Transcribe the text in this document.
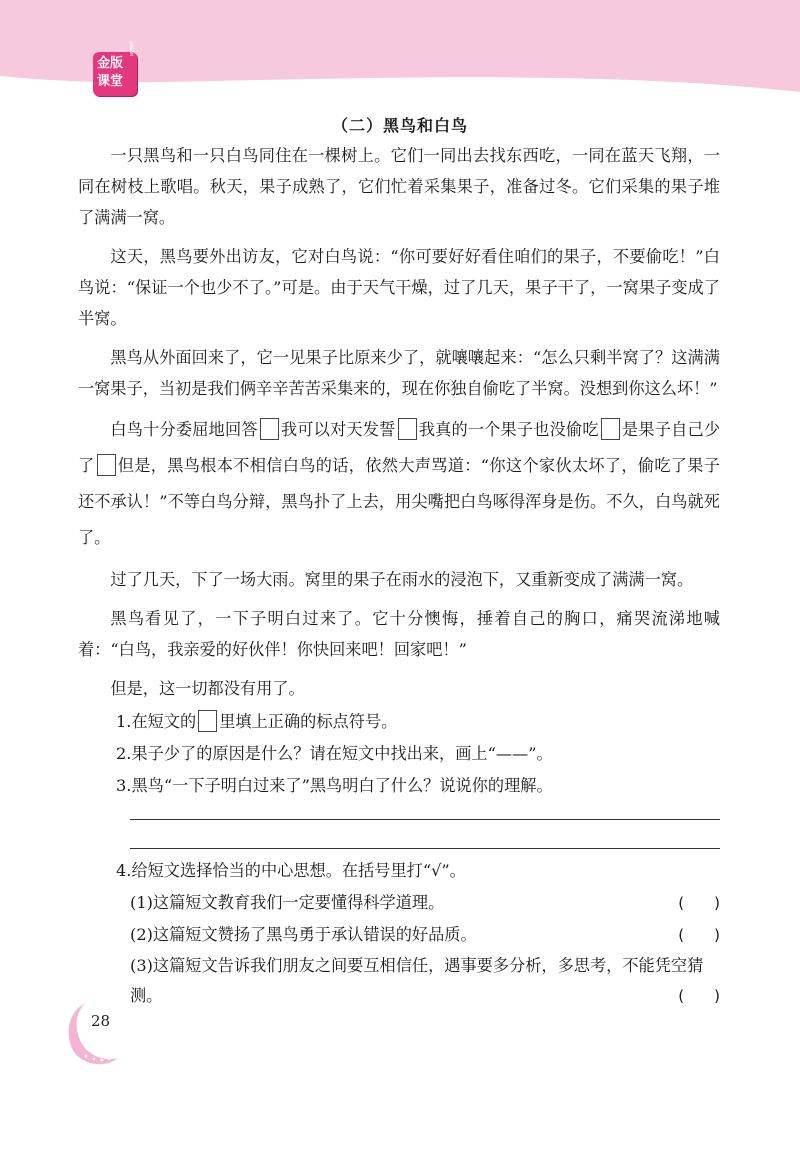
金版
课堂
JINBAN
（二）黑鸟和白鸟

一只黑鸟和一只白鸟同住在一棵树上。它们一同出去找东西吃，一同在蓝天飞翔，一同在树枝上歌唱。秋天，果子成熟了，它们忙着采集果子，准备过冬。它们采集的果子堆了满满一窝。

这天，黑鸟要外出访友，它对白鸟说：“你可要好好看住咱们的果子，不要偷吃！”白鸟说：“保证一个也少不了。”可是。由于天气干燥，过了几天，果子干了，一窝果子变成了半窝。

黑鸟从外面回来了，它一见果子比原来少了，就嚷嚷起来：“怎么只剩半窝了？这满满一窝果子，当初是我们俩辛辛苦苦采集来的，现在你独自偷吃了半窝。没想到你这么坏！”

白鸟十分委屈地回答 我可以对天发誓 我真的一个果子也没偷吃 是果子自己少了 但是，黑鸟根本不相信白鸟的话，依然大声骂道：“你这个家伙太坏了，偷吃了果子还不承认！”不等白鸟分辩，黑鸟扑了上去，用尖嘴把白鸟啄得浑身是伤。不久，白鸟就死了。

过了几天，下了一场大雨。窝里的果子在雨水的浸泡下，又重新变成了满满一窝。

黑鸟看见了，一下子明白过来了。它十分懊悔，捶着自己的胸口，痛哭流涕地喊着：“白鸟，我亲爱的好伙伴！你快回来吧！回家吧！”

但是，这一切都没有用了。

1.在短文的 里填上正确的标点符号。

2.果子少了的原因是什么？请在短文中找出来，画上“——”。

3.黑鸟“一下子明白过来了”黑鸟明白了什么？说说你的理解。

4.给短文选择恰当的中心思想。在括号里打“√”。

(1)这篇短文教育我们一定要懂得科学道理。	(　　)

(2)这篇短文赞扬了黑鸟勇于承认错误的好品质。	(　　)

(3)这篇短文告诉我们朋友之间要互相信任，遇事要多分析，多思考，不能凭空猜测。	(　　)

28
